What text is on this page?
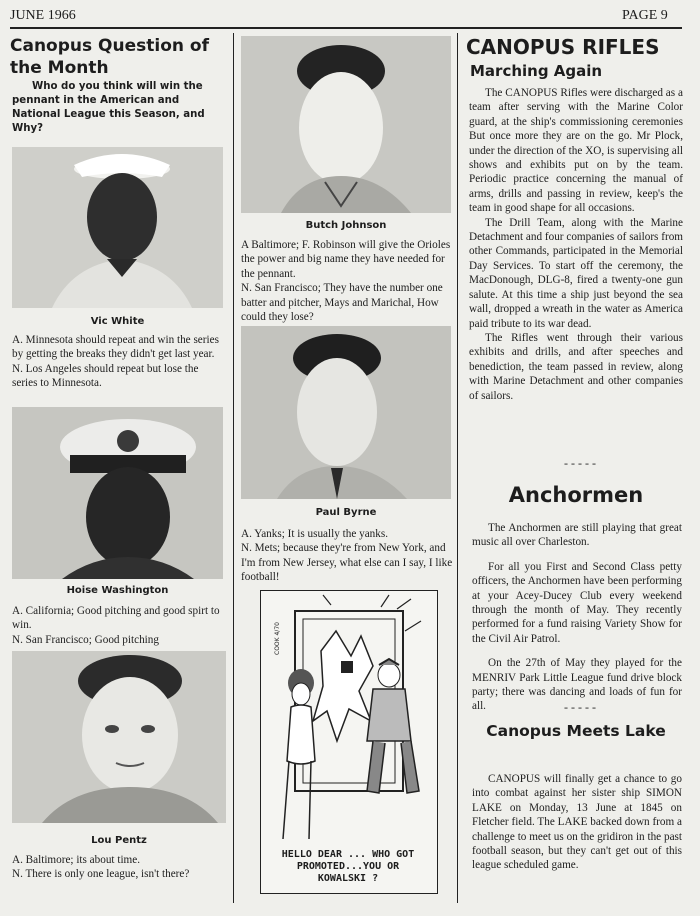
JUNE 1966	PAGE 9
Canopus Question of the Month
Who do you think will win the pennant in the American and National League this Season, and Why?
Vic White
A. Minnesota should repeat and win the series by getting the breaks they didn't get last year.
N. Los Angeles should repeat but lose the series to Minnesota.
Hoise Washington
A. California; Good pitching and good spirt to win.
N. San Francisco; Good pitching
Lou Pentz
A. Baltimore; its about time.
N. There is only one league, isn't there?
Butch Johnson
A Baltimore; F. Robinson will give the Orioles the power and big name they have needed for the pennant.
N. San Francisco; They have the number one batter and pitcher, Mays and Marichal, How could they lose?
Paul Byrne
A. Yanks; It is usually the yanks.
N. Mets; because they're from New York, and I'm from New Jersey, what else can I say, I like football!
COOK 4/70
HELLO DEAR ... WHO GOT PROMOTED...YOU OR KOWALSKI ?
CANOPUS RIFLES
Marching Again

The CANOPUS Rifles were discharged as a team after serving with the Marine Color guard, at the ship's commissioning ceremonies But once more they are on the go. Mr Plock, under the direction of the XO, is supervising all shows and exhibits put on by the team. Periodic practice concerning the manual of arms, drills and passing in review, keep's the team in good shape for all occasions.

The Drill Team, along with the Marine Detachment and four companies of sailors from other Commands, participated in the Memorial Day Services. To start off the ceremony, the MacDonough, DLG-8, fired a twenty-one gun salute. At this time a ship just beyond the sea wall, dropped a wreath in the water as America paid tribute to its war dead.

The Rifles went through their various exhibits and drills, and after speeches and benediction, the team passed in review, along with Marine Detachment and other companies of sailors.

- - - - -
Anchormen

The Anchormen are still playing that great music all over Charleston.

For all you First and Second Class petty officers, the Anchormen have been performing at your Acey-Ducey Club every weekend through the month of May. They recently performed for a fund raising Variety Show for the Civil Air Patrol.

On the 27th of May they played for the MENRIV Park Little League fund drive block party; there was dancing and loads of fun for all.	- - - - -
Canopus Meets Lake

CANOPUS will finally get a chance to go into combat against her sister ship SIMON LAKE on Monday, 13 June at 1845 on Fletcher field. The LAKE backed down from a challenge to meet us on the gridiron in the past football season, but they can't get out of this league scheduled game.
